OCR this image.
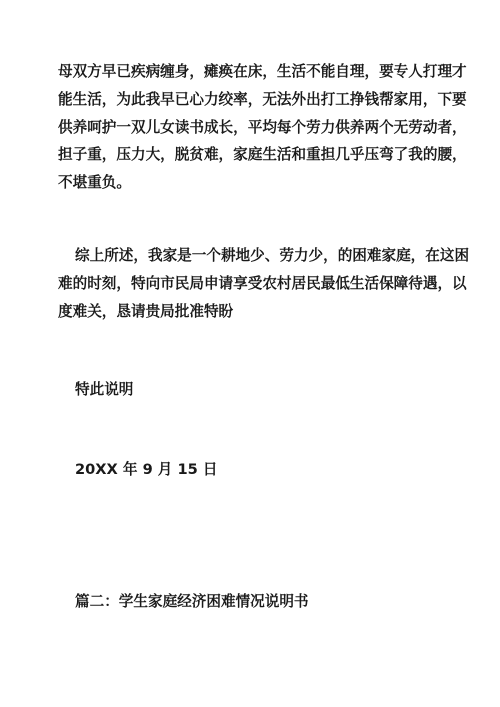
母双方早已疾病缠身，瘫痪在床，生活不能自理，要专人打理才
能生活，为此我早已心力绞率，无法外出打工挣钱帮家用，下要
供养呵护一双儿女读书成长，平均每个劳力供养两个无劳动者，
担子重，压力大，脱贫难，家庭生活和重担几乎压弯了我的腰，
不堪重负。

综上所述，我家是一个耕地少、劳力少，的困难家庭，在这困
难的时刻，特向市民局申请享受农村居民最低生活保障待遇，以
度难关，恳请贵局批准特盼

特此说明
20XX 年 9 月 15 日
篇二：学生家庭经济困难情况说明书
